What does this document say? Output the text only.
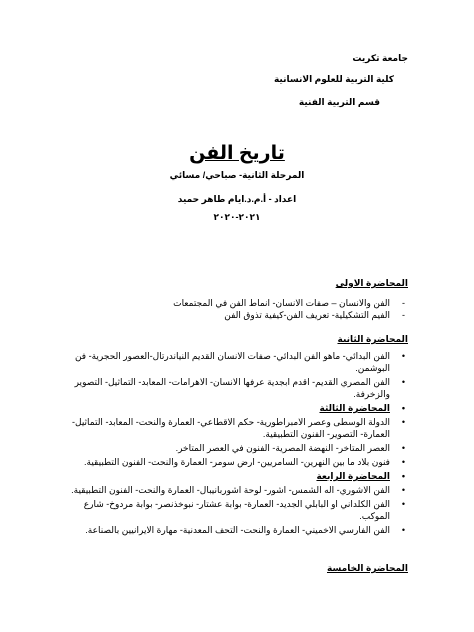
جامعة تكريت
كلية التربية للعلوم الانسانية
قسم التربية الفنية
تاريخ الفن
المرحلة الثانية- صباحي/ مسائي
اعداد - أ.م.د.ايام طاهر حميد
٢٠٢١-٢٠٢٠
المحاضرة الاولى
-
الفن والانسان – صفات الانسان- انماط الفن في المجتمعات
-
الفيم التشكيلية- تعريف الفن-كيفية تذوق الفن
المحاضرة الثانية
•
الفن البدائي- ماهو الفن البدائي- صفات الانسان القديم النياندرتال-العصور الحجرية- فن البوشمن.
•
الفن المصري القديم- اقدم ابجدية عرفها الانسان- الاهرامات- المعابد- التماثيل- التصوير والزخرفة.
•
المحاضرة الثالثة
•
الدولة الوسطى وعصر الامبراطورية- حكم الاقطاعي- العمارة والنحت- المعابد- التماثيل- العمارة- التصوير- الفنون التطبيقية.
•
العصر المتاخر- النهضة المصرية- الفنون في العصر المتاخر.
•
فنون بلاد ما بين النهرين- السامريين- ارض سومر- العمارة والنحت- الفنون التطبيقية.
•
المحاضرة الرابعة
•
الفن الاشوري- اله الشمس- اشور- لوحة اشوربانيبال- العمارة والنحت- الفنون التطبيقية.
•
الفن الكلداني او البابلي الجديد- العمارة- بوابة عشتار- نبوخذنصر- بوابة مردوخ- شارع الموكب.
•
الفن الفارسي الاخميني- العمارة والنحت- التحف المعدنية- مهارة الايرانيين بالصناعة.
المحاضرة الخامسة
